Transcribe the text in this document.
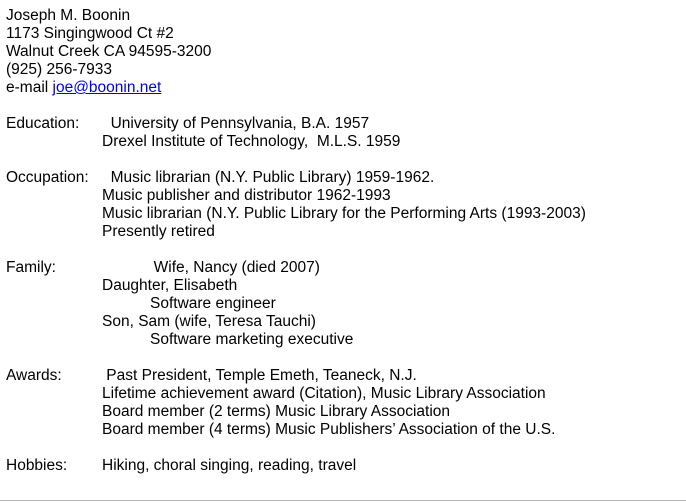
Joseph M. Boonin
1173 Singingwood Ct #2
Walnut Creek CA 94595-3200
(925) 256-7933
e-mail joe@boonin.net
Education:	University of Pennsylvania, B.A. 1957
Drexel Institute of Technology,  M.L.S. 1959
Occupation: Music librarian (N.Y. Public Library) 1959-1962.
Music publisher and distributor 1962-1993
Music librarian (N.Y. Public Library for the Performing Arts (1993-2003)
Presently retired
Family:	Wife, Nancy (died 2007)
Daughter, Elisabeth
Software engineer
Son, Sam (wife, Teresa Tauchi)
Software marketing executive
Awards:	Past President, Temple Emeth, Teaneck, N.J.
Lifetime achievement award (Citation), Music Library Association
Board member (2 terms) Music Library Association
Board member (4 terms) Music Publishers’ Association of the U.S.
Hobbies:	Hiking, choral singing, reading, travel
